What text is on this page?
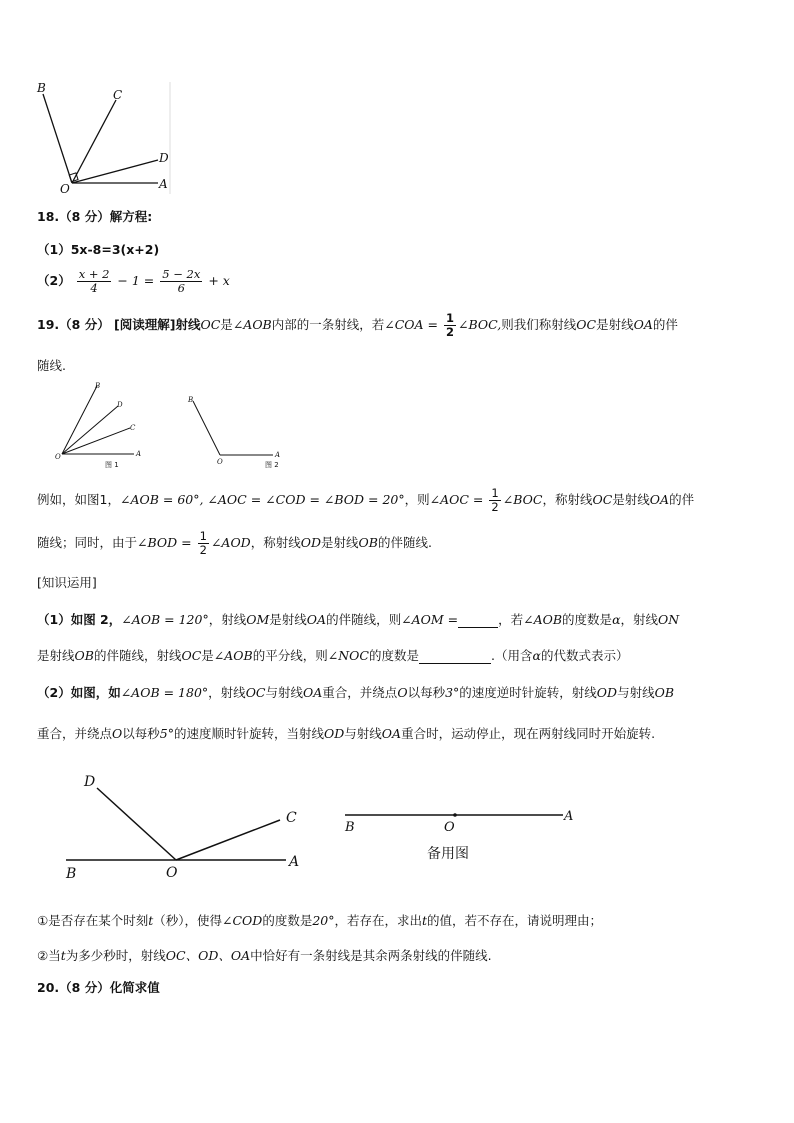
B	C
D
O	A
18.（8 分）解方程:
（1）5x-8=3(x+2)
$(2) \frac{x + 2}{4} - 1 = \frac{5 - 2x}{6} + x$
19.（8 分） [阅读理解]射线OC是∠AOB内部的一条射线，若∠COA = $\frac{1}{2}$ ∠BOC,则我们称射线OC是射线OA的伴
随线.
B
D
C
O	A
图 1
B
O
A
图 2
例如，如图1，∠AOB = 60°, ∠AOC = ∠COD = ∠BOD = 20°，则∠AOC = $\frac{1}{2}$ ∠BOC，称射线OC是射线OA的伴
随线；同时，由于∠BOD = $\frac{1}{2}$ ∠AOD，称射线OD是射线OB的伴随线.
[知识运用]
（1）如图 2，∠AOB = 120°，射线OM是射线OA的伴随线，则∠AOM =	，若∠AOB的度数是α，射线ON
是射线OB的伴随线，射线OC是∠AOB的平分线，则∠NOC的度数是	.（用含α的代数式表示）
（2）如图，如∠AOB = 180°，射线OC与射线OA重合，并绕点O以每秒3°的速度逆时针旋转，射线OD与射线OB
重合，并绕点O以每秒5°的速度顺时针旋转，当射线OD与射线OA重合时，运动停止，现在两射线同时开始旋转.
D
C
B	O
A
B	O
A
备用图
①是否存在某个时刻t（秒），使得∠COD的度数是20°，若存在，求出t的值，若不存在，请说明理由；
②当t为多少秒时，射线OC、OD、OA中恰好有一条射线是其余两条射线的伴随线.
20.（8 分）化简求值
